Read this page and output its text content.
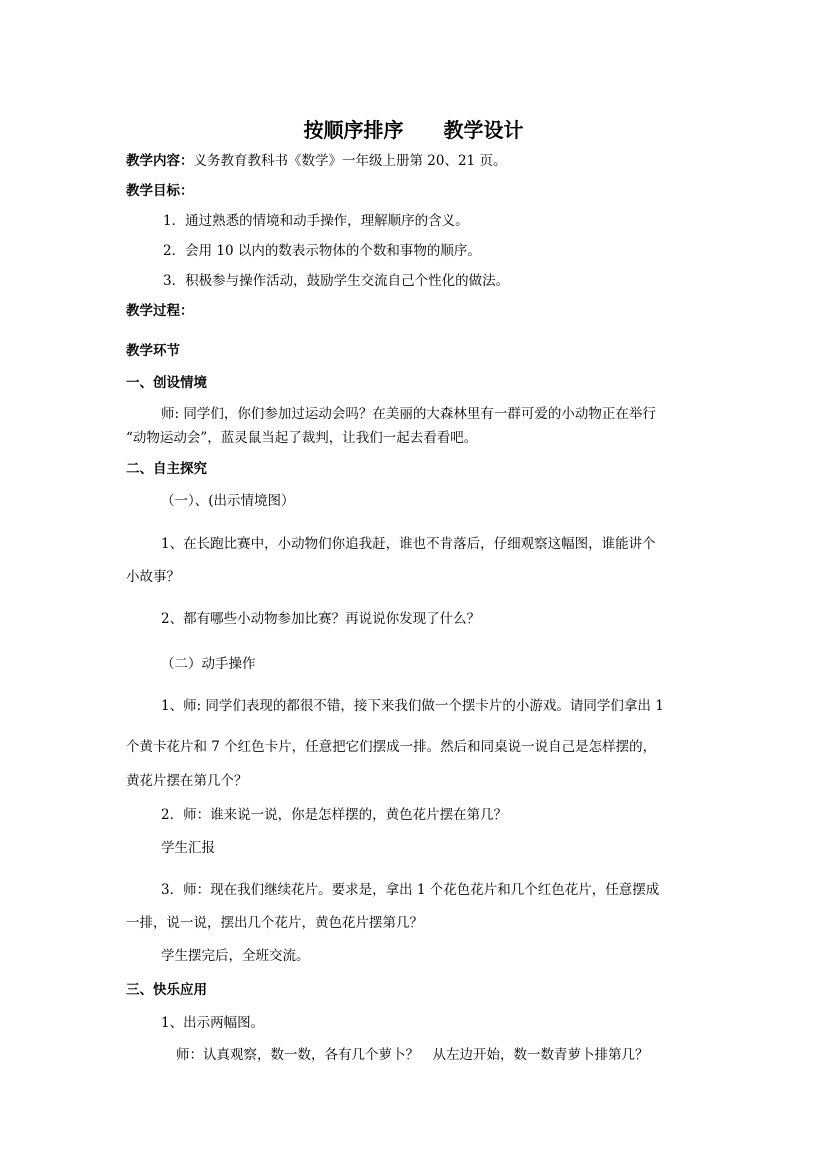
按顺序排序　　教学设计
教学内容：义务教育教科书《数学》一年级上册第 20、21 页。
教学目标：
1．通过熟悉的情境和动手操作，理解顺序的含义。
2．会用 10 以内的数表示物体的个数和事物的顺序。
3．积极参与操作活动，鼓励学生交流自己个性化的做法。
教学过程：
教学环节
一、创设情境
师: 同学们，你们参加过运动会吗？在美丽的大森林里有一群可爱的小动物正在举行
“动物运动会”，蓝灵鼠当起了裁判，让我们一起去看看吧。
二、自主探究
（一）、(出示情境图）
1、在长跑比赛中，小动物们你追我赶，谁也不肯落后，仔细观察这幅图，谁能讲个
小故事？
2、都有哪些小动物参加比赛？再说说你发现了什么？
（二）动手操作
1、师: 同学们表现的都很不错，接下来我们做一个摆卡片的小游戏。请同学们拿出 1
个黄卡花片和 7 个红色卡片，任意把它们摆成一排。然后和同桌说一说自己是怎样摆的，
黄花片摆在第几个？
2．师：谁来说一说，你是怎样摆的，黄色花片摆在第几？
学生汇报
3．师：现在我们继续花片。要求是，拿出 1 个花色花片和几个红色花片，任意摆成
一排，说一说，摆出几个花片，黄色花片摆第几？
学生摆完后，全班交流。
三、快乐应用
1、出示两幅图。
师：认真观察，数一数，各有几个萝卜？　从左边开始，数一数青萝卜排第几？
